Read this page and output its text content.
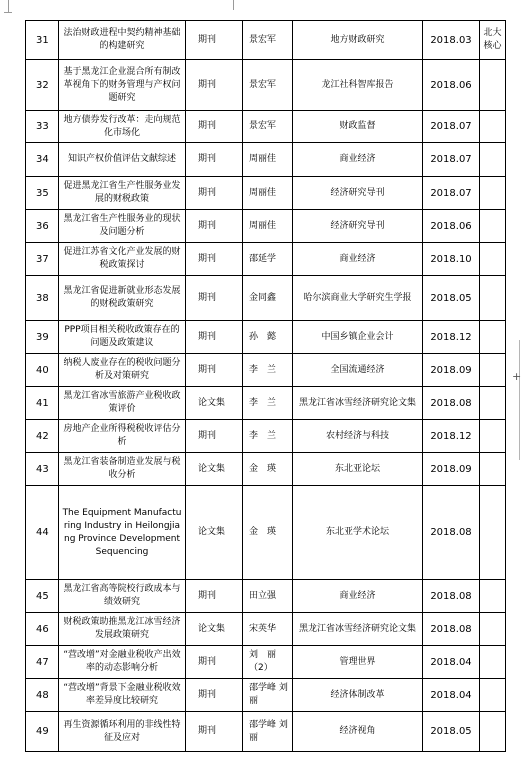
+
31	法治财政进程中契约精神基础的构建研究	期刊	景宏军	地方财政研究	2018.03	北大核心
32	基于黑龙江企业混合所有制改革视角下的财务管理与产权问题研究	期刊	景宏军	龙江社科智库报告	2018.06	
33	地方债券发行改革：走向规范化市场化	期刊	景宏军	财政监督	2018.07	
34	知识产权价值评估文献综述	期刊	周丽佳	商业经济	2018.07	
35	促进黑龙江省生产性服务业发展的财税政策	期刊	周丽佳	经济研究导刊	2018.07	
36	黑龙江省生产性服务业的现状及问题分析	期刊	周丽佳	经济研究导刊	2018.06	
37	促进江苏省文化产业发展的财税政策探讨	期刊	邵延学	商业经济	2018.10	
38	黑龙江省促进新就业形态发展的财税政策研究	期刊	金同鑫	哈尔滨商业大学研究生学报	2018.05	
39	PPP项目相关税收政策存在的问题及政策建议	期刊	孙　懿	中国乡镇企业会计	2018.12	
40	纳税人废业存在的税收问题分析及对策研究	期刊	李　兰	全国流通经济	2018.09	
41	黑龙江省冰雪旅游产业税收政策评价	论文集	李　兰	黑龙江省冰雪经济研究论文集	2018.08	
42	房地产企业所得税税收评估分析	期刊	李　兰	农村经济与科技	2018.12	
43	黑龙江省装备制造业发展与税收分析	论文集	金　瑛	东北亚论坛	2018.09	
44	The Equipment Manufacturing Industry in Heilongjiang Province Development Sequencing	论文集	金　瑛	东北亚学术论坛	2018.08	
45	黑龙江省高等院校行政成本与绩效研究	期刊	田立强	商业经济	2018.08	
46	财税政策助推黑龙江冰雪经济发展政策研究	论文集	宋英华	黑龙江省冰雪经济研究论文集	2018.08	
47	“营改增”对金融业税收产出效率的动态影响分析	期刊	刘　丽（2）	管理世界	2018.04	
48	“营改增”背景下金融业税收效率差异度比较研究	期刊	邵学峰 刘　丽	经济体制改革	2018.04	
49	再生资源循环利用的非线性特征及应对	期刊	邵学峰 刘　丽	经济视角	2018.05	
